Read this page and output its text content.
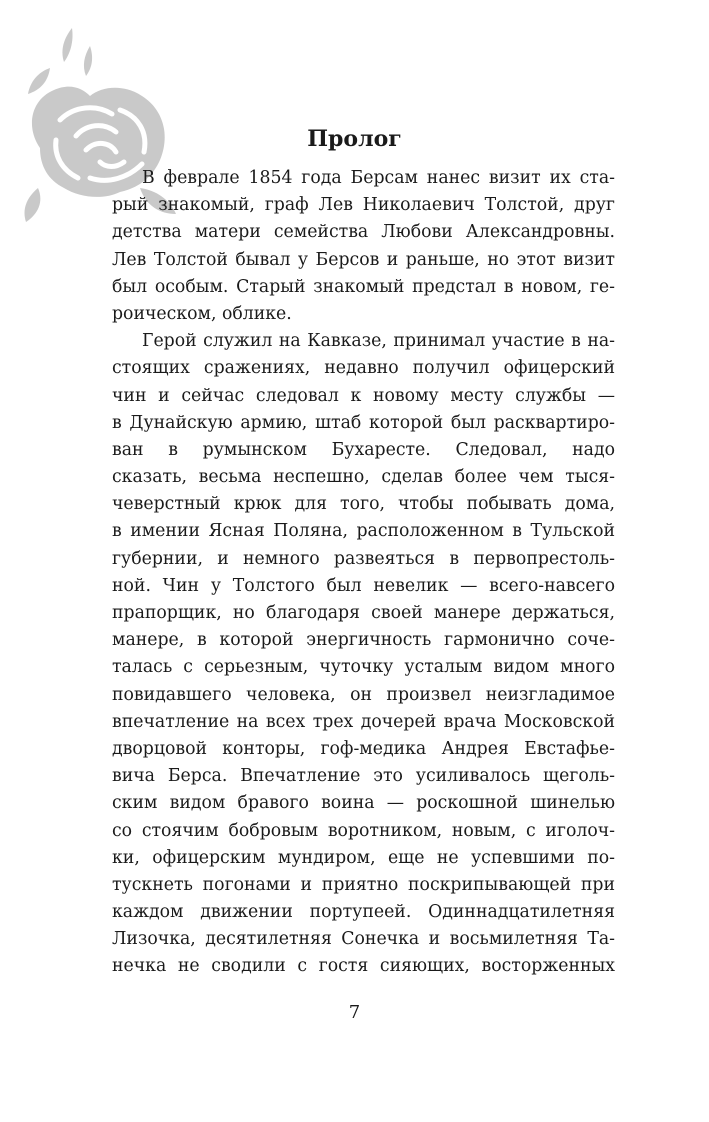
Пролог
В феврале 1854 года Берсам нанес визит их ста-
рый знакомый, граф Лев Николаевич Толстой, друг
детства матери семейства Любови Александровны.
Лев Толстой бывал у Берсов и раньше, но этот визит
был особым. Старый знакомый предстал в новом, ге-
роическом, облике.
Герой служил на Кавказе, принимал участие в на-
стоящих сражениях, недавно получил офицерский
чин и сейчас следовал к новому месту службы —
в Дунайскую армию, штаб которой был расквартиро-
ван в румынском Бухаресте. Следовал, надо
сказать, весьма неспешно, сделав более чем тыся-
чеверстный крюк для того, чтобы побывать дома,
в имении Ясная Поляна, расположенном в Тульской
губернии, и немного развеяться в первопрестоль-
ной. Чин у Толстого был невелик — всего-навсего
прапорщик, но благодаря своей манере держаться,
манере, в которой энергичность гармонично соче-
талась с серьезным, чуточку усталым видом много
повидавшего человека, он произвел неизгладимое
впечатление на всех трех дочерей врача Московской
дворцовой конторы, гоф-медика Андрея Евстафье-
вича Берса. Впечатление это усиливалось щеголь-
ским видом бравого воина — роскошной шинелью
со стоячим бобровым воротником, новым, с иголоч-
ки, офицерским мундиром, еще не успевшими по-
тускнеть погонами и приятно поскрипывающей при
каждом движении портупеей. Одиннадцатилетняя
Лизочка, десятилетняя Сонечка и восьмилетняя Та-
нечка не сводили с гостя сияющих, восторженных
7
